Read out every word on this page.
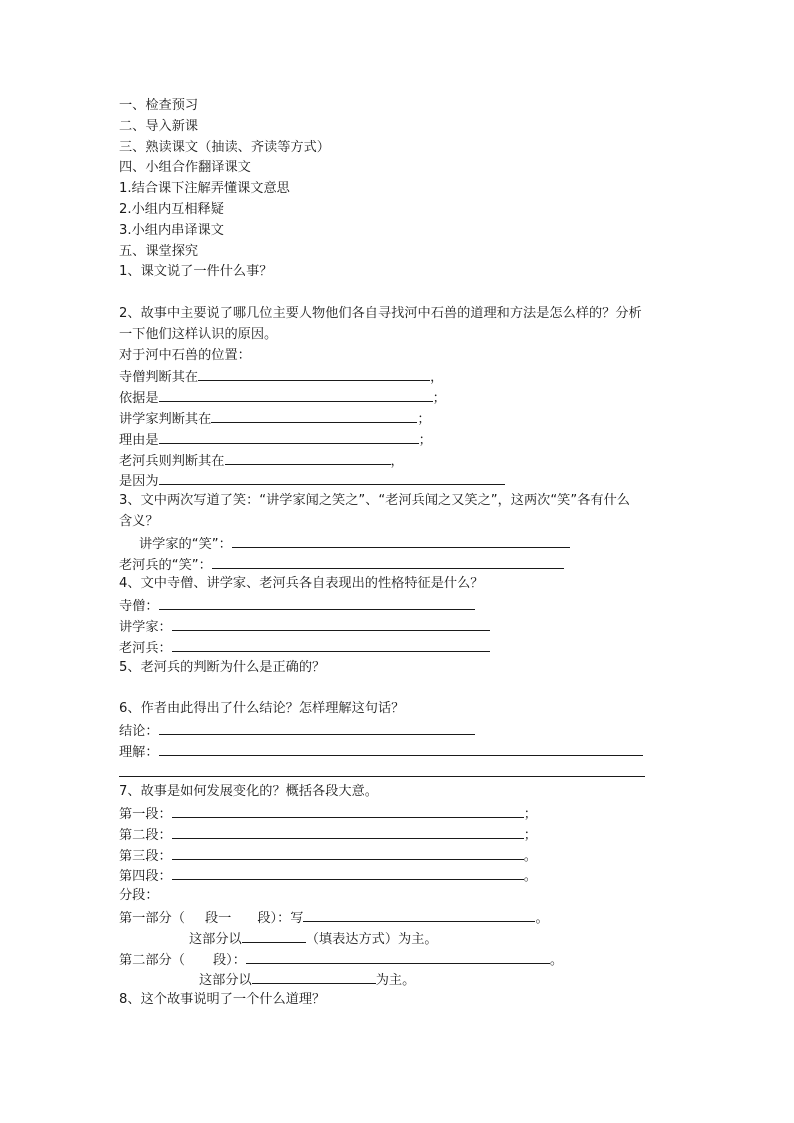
一、检查预习
二、导入新课
三、熟读课文（抽读、齐读等方式）
四、小组合作翻译课文
1.结合课下注解弄懂课文意思
2.小组内互相释疑
3.小组内串译课文
五、课堂探究
1、课文说了一件什么事？
2、故事中主要说了哪几位主要人物他们各自寻找河中石兽的道理和方法是怎么样的？分析
一下他们这样认识的原因。
对于河中石兽的位置：
寺僧判断其在	，
依据是	；
讲学家判断其在	；
理由是	；
老河兵则判断其在	，
是因为
3、文中两次写道了笑：“讲学家闻之笑之”、“老河兵闻之又笑之”，这两次“笑”各有什么
含义？
讲学家的“笑”：
老河兵的“笑”：
4、文中寺僧、讲学家、老河兵各自表现出的性格特征是什么？
寺僧：
讲学家：
老河兵：
5、老河兵的判断为什么是正确的？
6、作者由此得出了什么结论？怎样理解这句话？
结论：
理解：
7、故事是如何发展变化的？概括各段大意。
第一段：	；
第二段：	；
第三段：	。
第四段：	。
分段：
第一部分（ 段一 段）：写	。
这部分以	（填表达方式）为主。
第二部分（ 段）：	。
这部分以	为主。
8、这个故事说明了一个什么道理？
